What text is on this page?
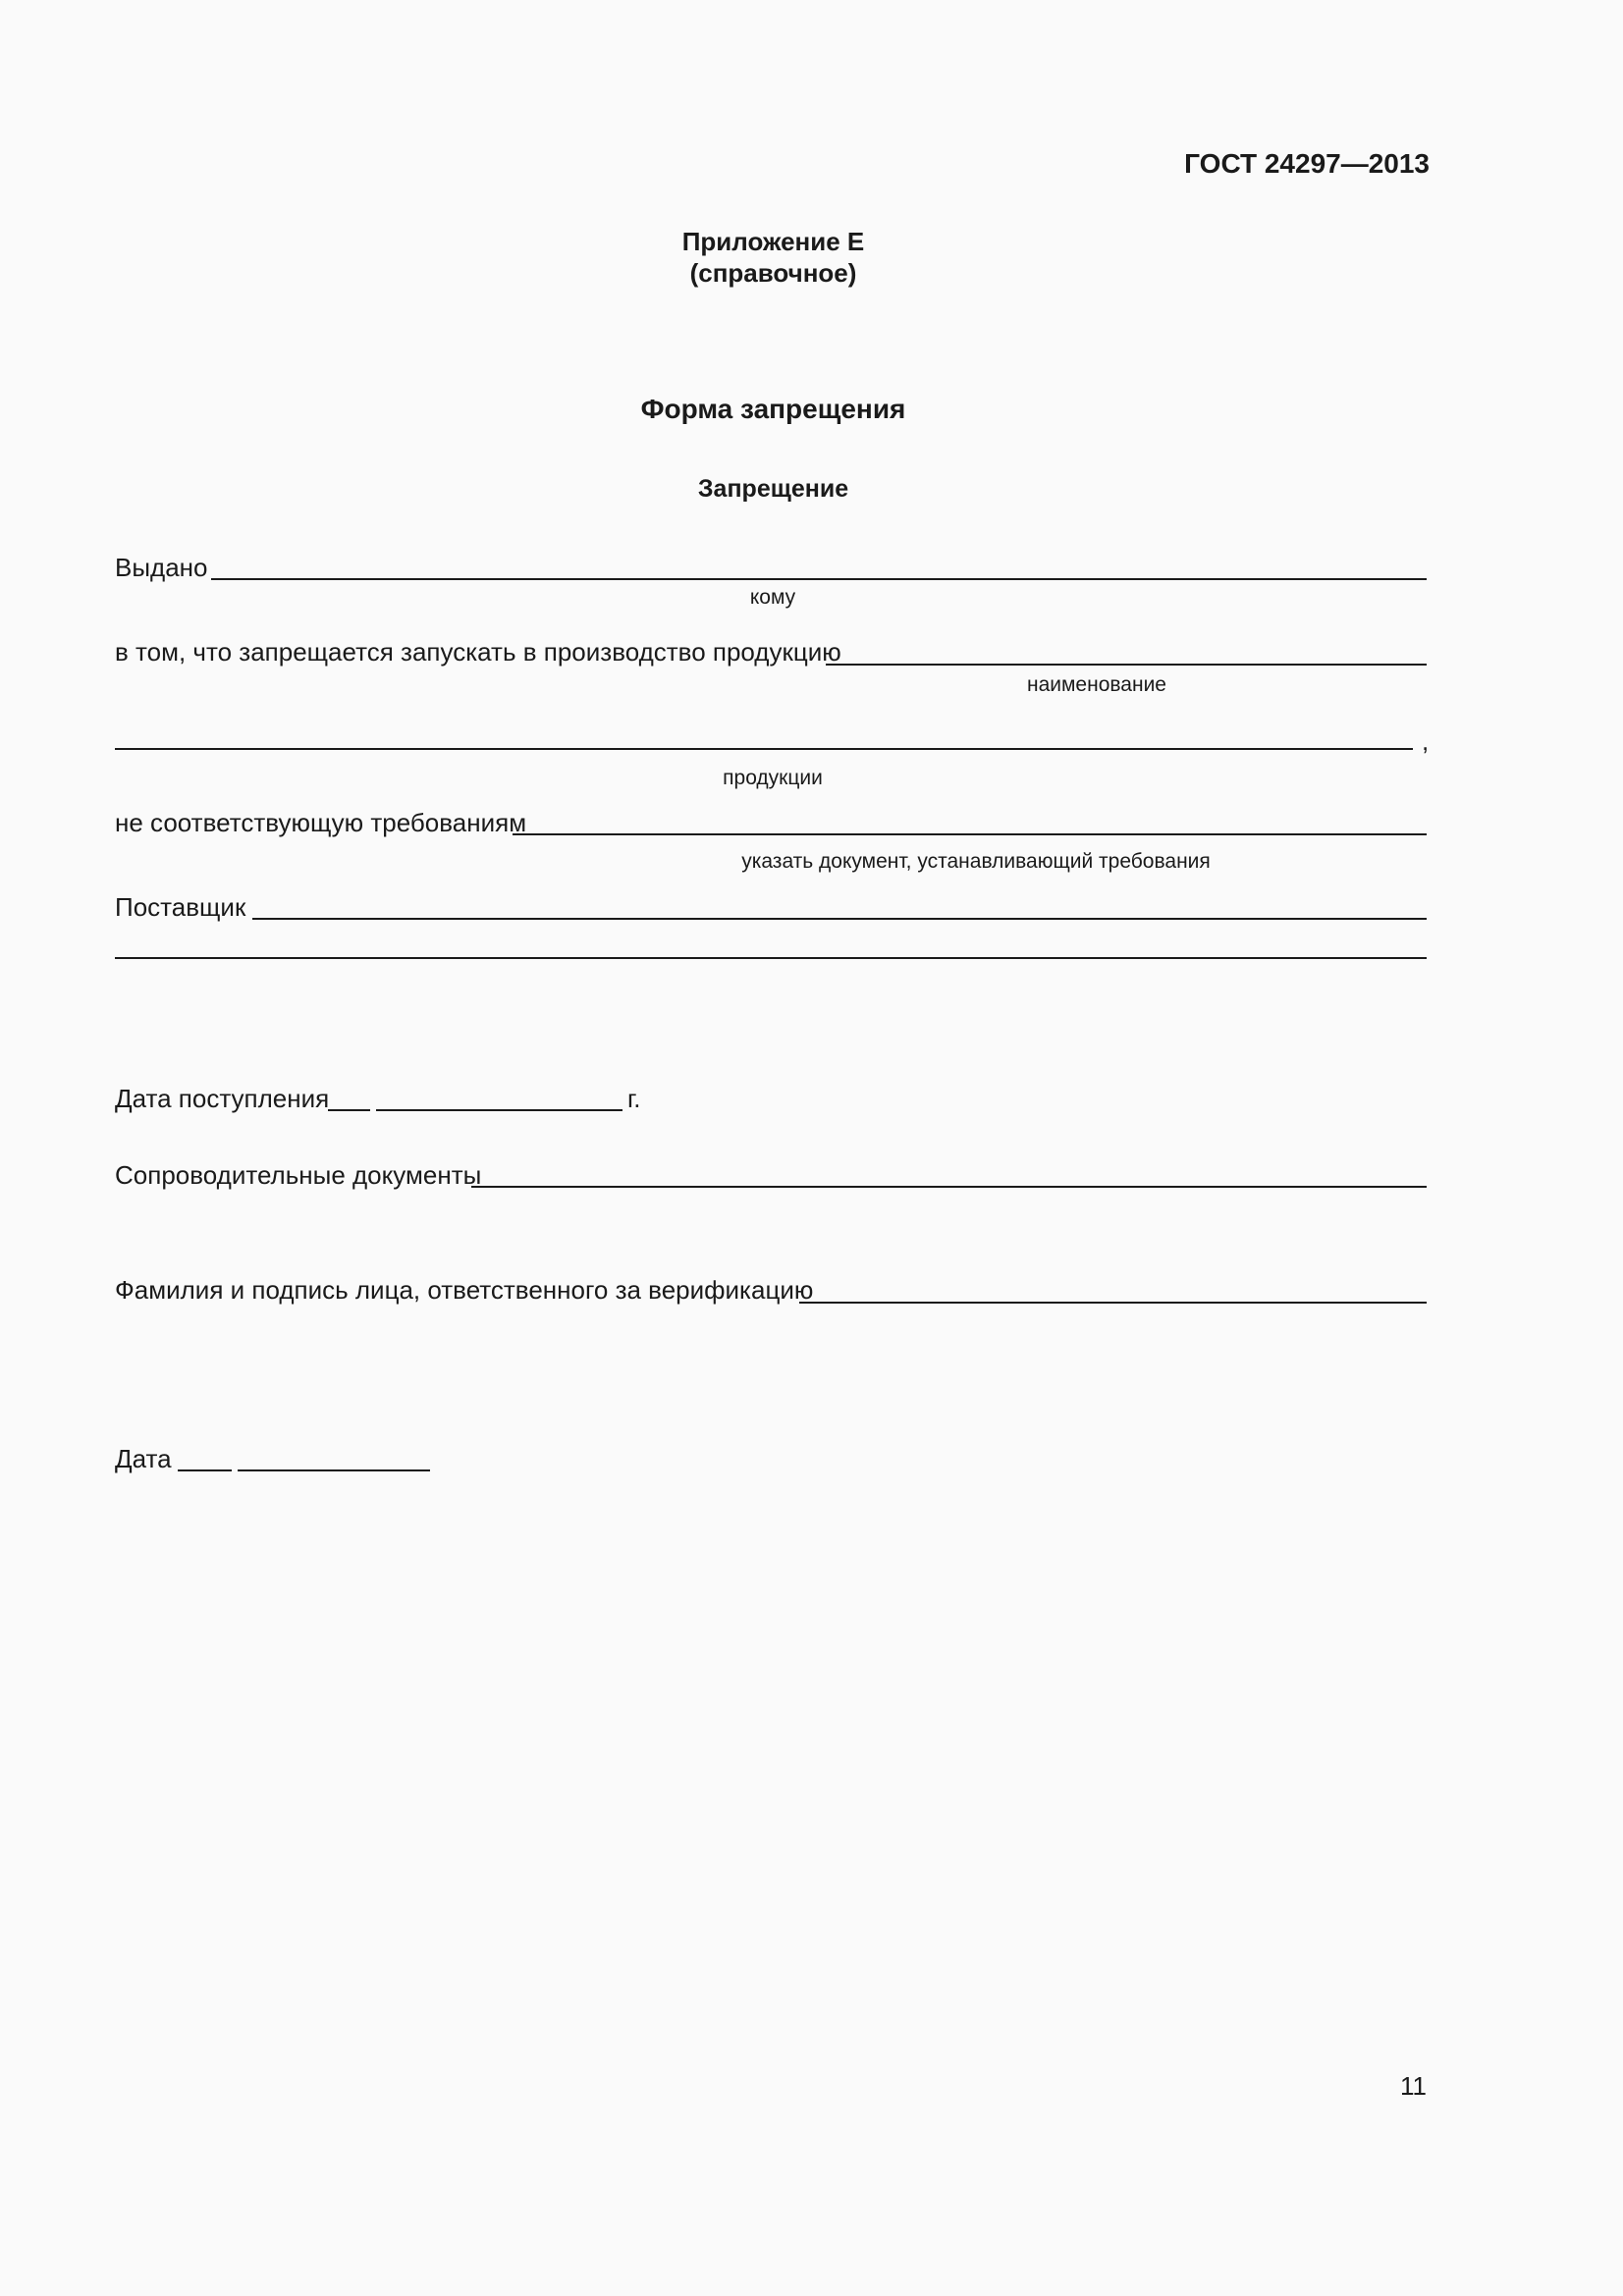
ГОСТ 24297—2013
Приложение Е
(справочное)
Форма запрещения
Запрещение
Выдано
кому
в том, что запрещается запускать в производство продукцию
наименование
,
продукции
не соответствующую требованиям
указать документ, устанавливающий требования
Поставщик
Дата поступления	г.
Сопроводительные документы
Фамилия и подпись лица, ответственного за верификацию
Дата
11
